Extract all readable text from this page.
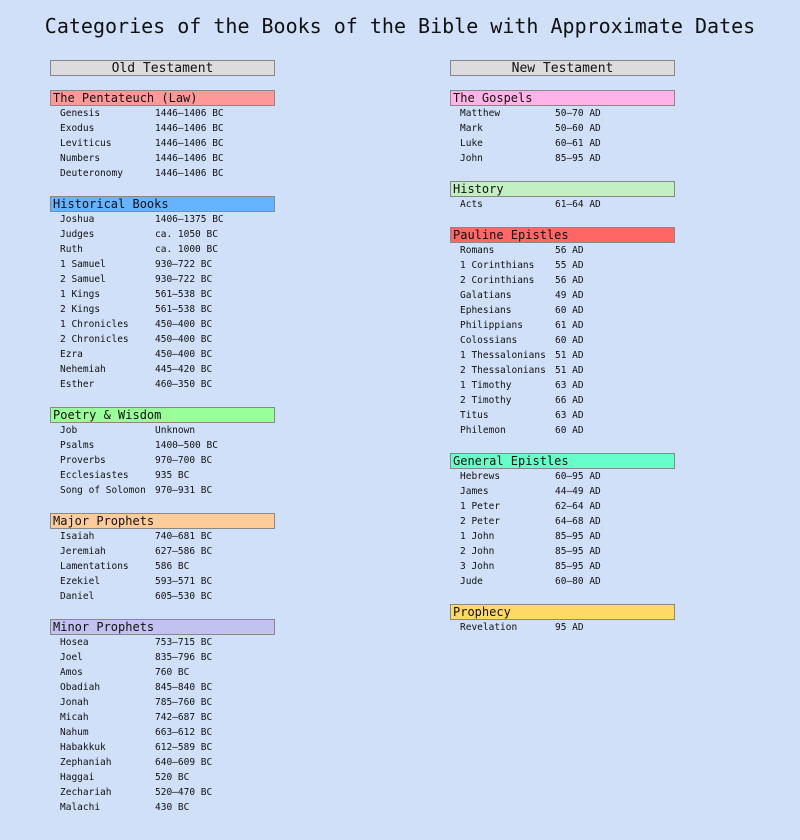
Categories of the Books of the Bible with Approximate Dates
Old Testament
The Pentateuch (Law)
Genesis	1446–1406 BC
Exodus	1446–1406 BC
Leviticus	1446–1406 BC
Numbers	1446–1406 BC
Deuteronomy	1446–1406 BC
Historical Books
Joshua	1406–1375 BC
Judges	ca. 1050 BC
Ruth	ca. 1000 BC
1 Samuel	930–722 BC
2 Samuel	930–722 BC
1 Kings	561–538 BC
2 Kings	561–538 BC
1 Chronicles	450–400 BC
2 Chronicles	450–400 BC
Ezra	450–400 BC
Nehemiah	445–420 BC
Esther	460–350 BC
Poetry & Wisdom
Job	Unknown
Psalms	1400–500 BC
Proverbs	970–700 BC
Ecclesiastes	935 BC
Song of Solomon 970–931 BC
Major Prophets
Isaiah	740–681 BC
Jeremiah	627–586 BC
Lamentations	586 BC
Ezekiel	593–571 BC
Daniel	605–530 BC
Minor Prophets
Hosea	753–715 BC
Joel	835–796 BC
Amos	760 BC
Obadiah	845–840 BC
Jonah	785–760 BC
Micah	742–687 BC
Nahum	663–612 BC
Habakkuk	612–589 BC
Zephaniah	640–609 BC
Haggai	520 BC
Zechariah	520–470 BC
Malachi	430 BC
New Testament
The Gospels
Matthew	50–70 AD
Mark	50–60 AD
Luke	60–61 AD
John	85–95 AD
History
Acts	61–64 AD
Pauline Epistles
Romans	56 AD
1 Corinthians 55 AD
2 Corinthians 56 AD
Galatians	49 AD
Ephesians	60 AD
Philippians	61 AD
Colossians	60 AD
1 Thessalonians 51 AD
2 Thessalonians 51 AD
1 Timothy	63 AD
2 Timothy	66 AD
Titus	63 AD
Philemon	60 AD
General Epistles
Hebrews	60–95 AD
James	44–49 AD
1 Peter	62–64 AD
2 Peter	64–68 AD
1 John	85–95 AD
2 John	85–95 AD
3 John	85–95 AD
Jude	60–80 AD
Prophecy
Revelation	95 AD
